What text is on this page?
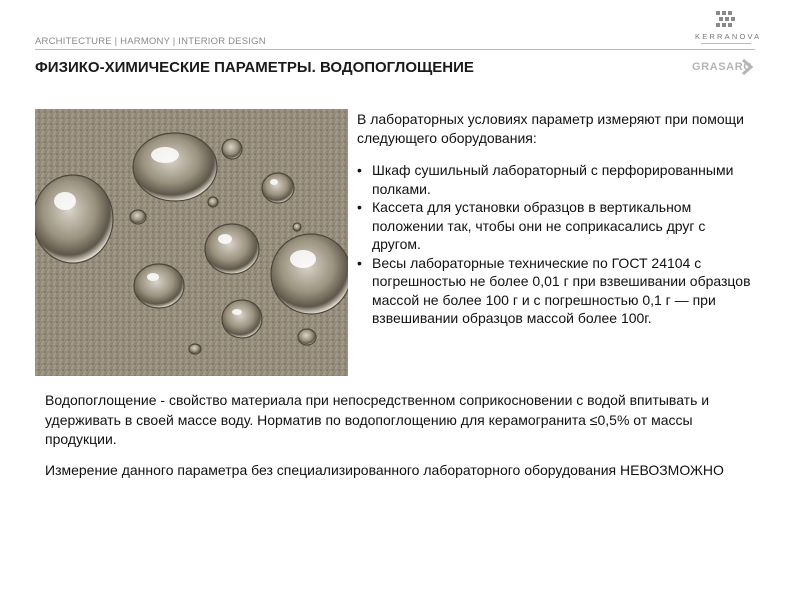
ARCHITECTURE | HARMONY | INTERIOR DESIGN	KERRANOVA
ФИЗИКО-ХИМИЧЕСКИЕ ПАРАМЕТРЫ. ВОДОПОГЛОЩЕНИЕ	GRASARO

В лабораторных условиях параметр измеряют при помощи следующего оборудования:

• Шкаф сушильный лабораторный с перфорированными полками.
• Кассета для установки образцов в вертикальном положении так, чтобы они не соприкасались друг с другом.
• Весы лабораторные технические по ГОСТ 24104 с погрешностью не более 0,01 г при взвешивании образцов массой не более 100 г и с погрешностью 0,1 г — при взвешивании образцов массой более 100г.

Водопоглощение - свойство материала при непосредственном соприкосновении с водой впитывать и удерживать в своей массе воду. Норматив по водопоглощению для керамогранита ≤0,5% от массы продукции.

Измерение данного параметра без специализированного лабораторного оборудования НЕВОЗМОЖНО
